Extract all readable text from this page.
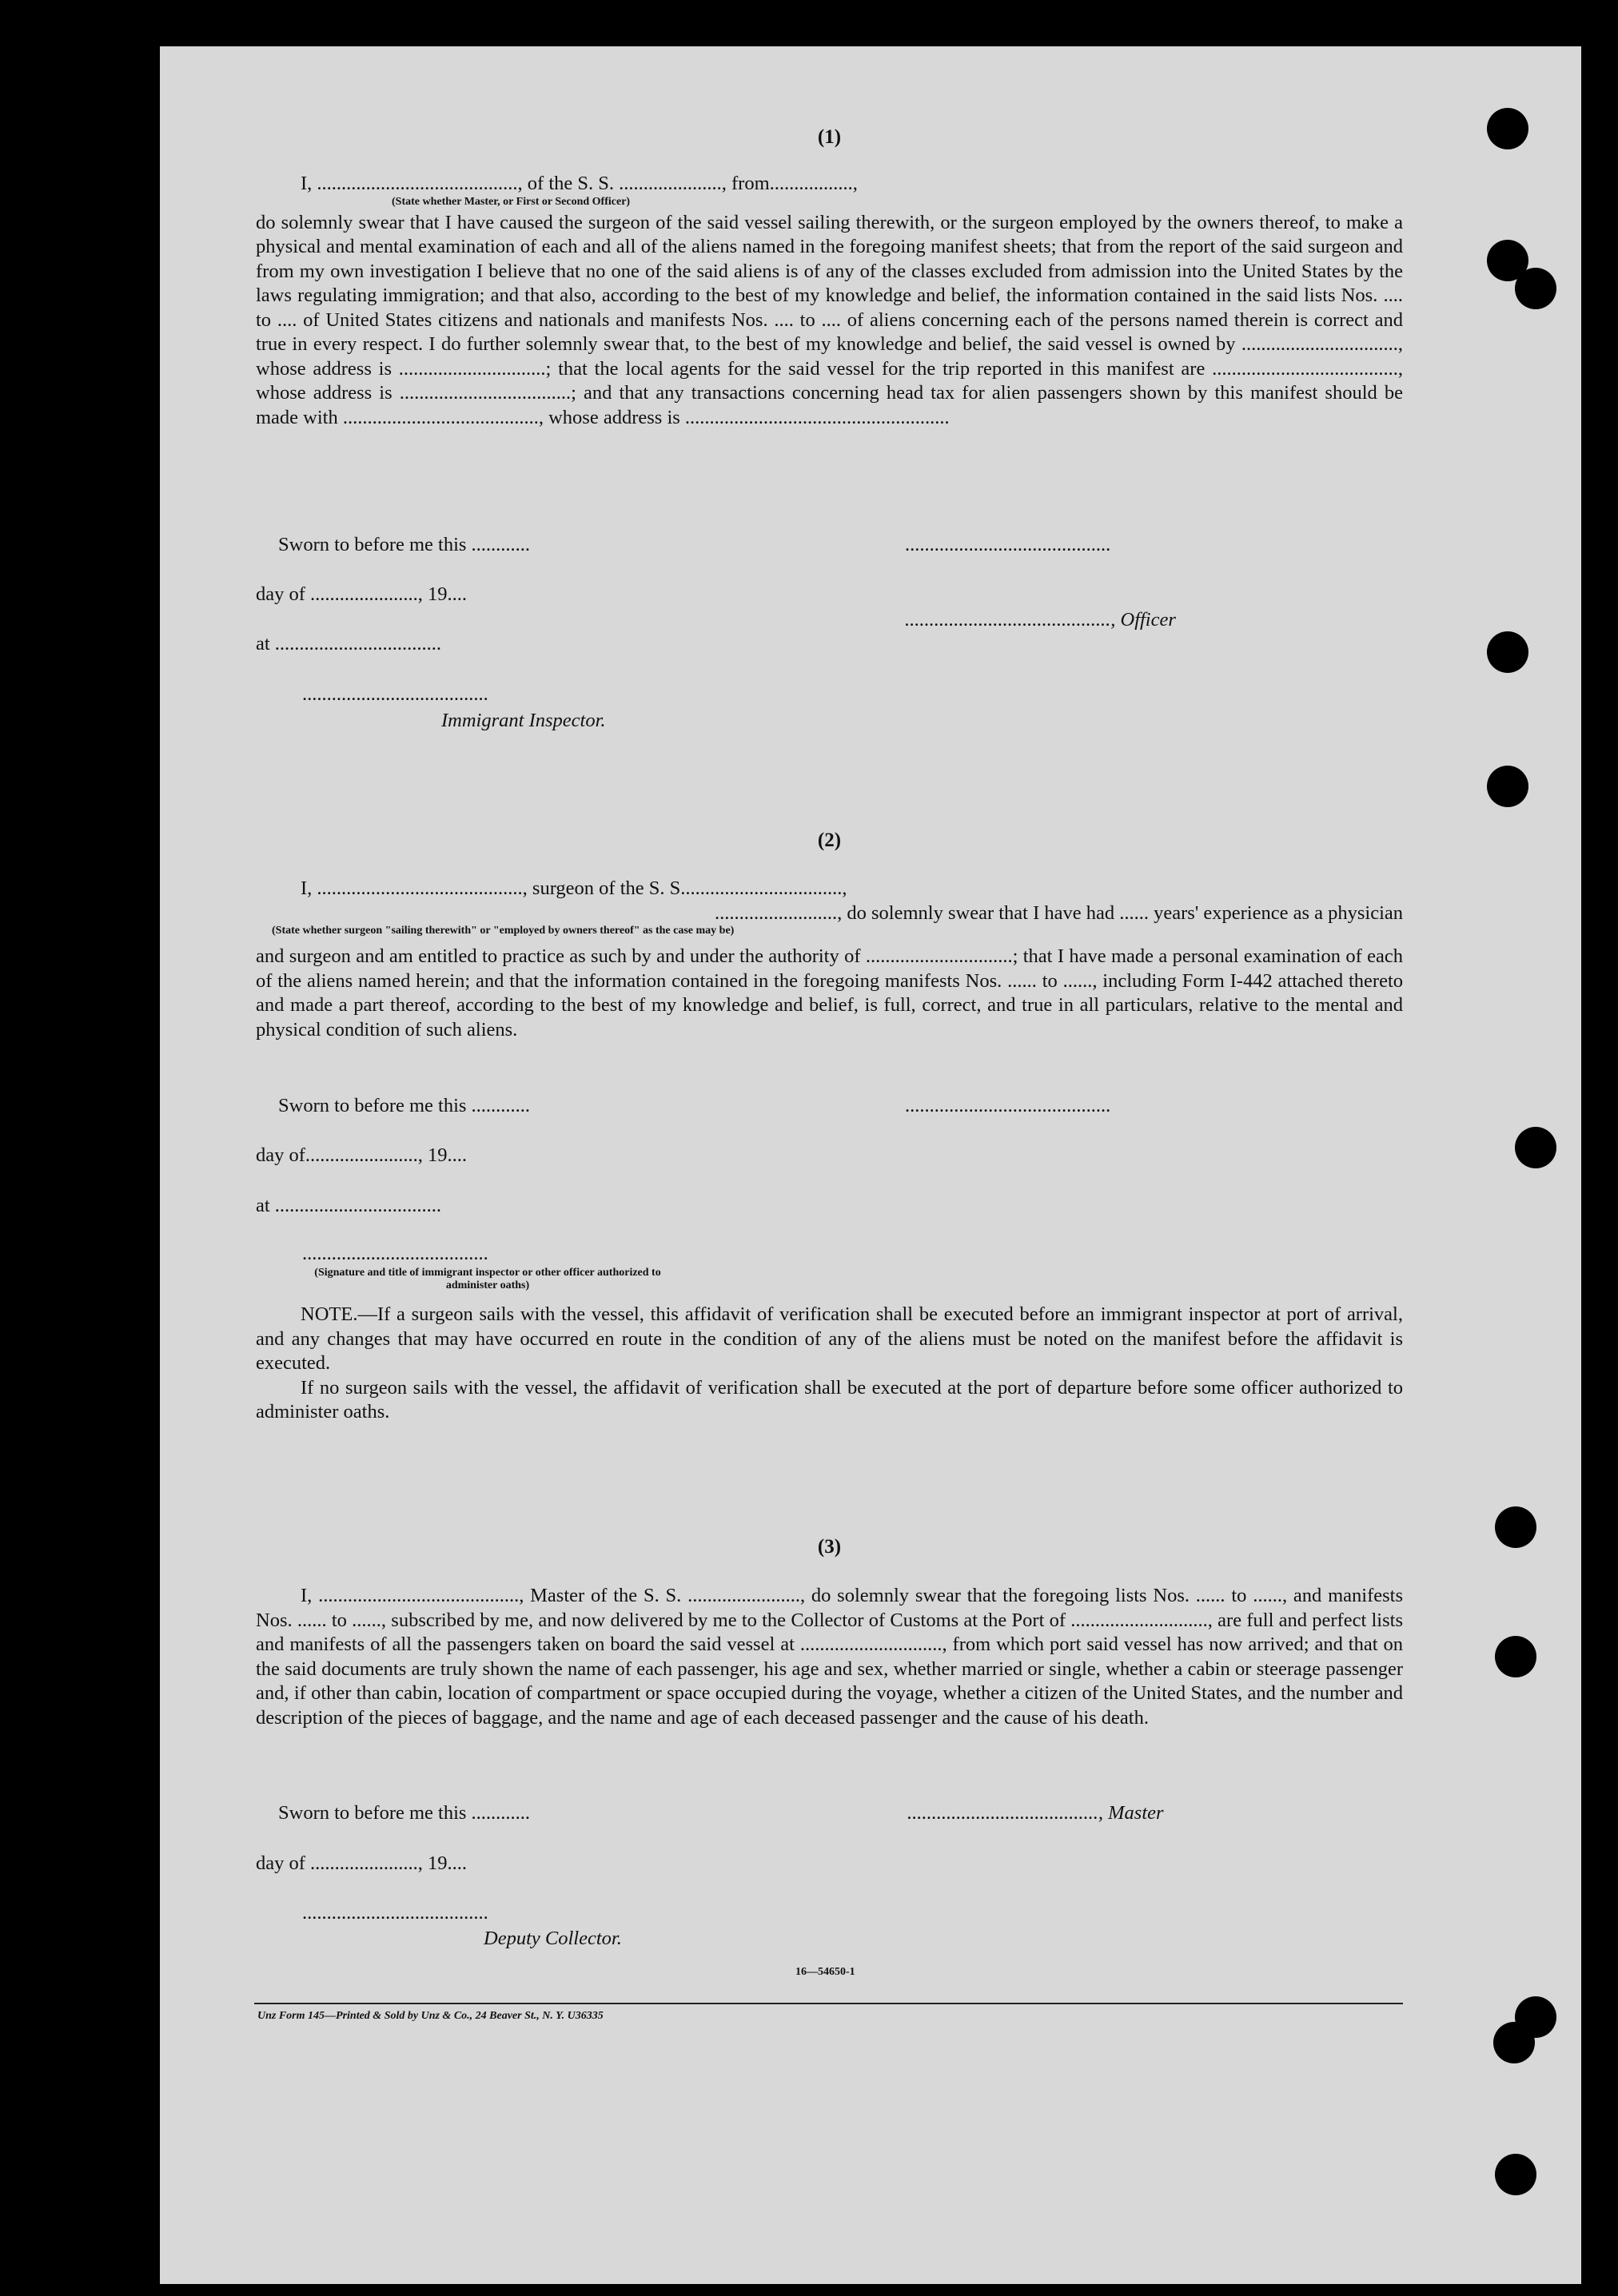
(1)
I, ........................................., of the S. S. ....................., from.................,
(State whether Master, or First or Second Officer)
do solemnly swear that I have caused the surgeon of the said vessel sailing therewith, or the surgeon employed by the owners thereof, to make a physical and mental examination of each and all of the aliens named in the foregoing manifest sheets; that from the report of the said surgeon and from my own investigation I believe that no one of the said aliens is of any of the classes excluded from admission into the United States by the laws regulating immigration; and that also, according to the best of my knowledge and belief, the information contained in the said lists Nos. .... to .... of United States citizens and nationals and manifests Nos. .... to .... of aliens concerning each of the persons named therein is correct and true in every respect. I do further solemnly swear that, to the best of my knowledge and belief, the said vessel is owned by ................................, whose address is ..............................; that the local agents for the said vessel for the trip reported in this manifest are ......................................, whose address is ...................................; and that any transactions concerning head tax for alien passengers shown by this manifest should be made with ........................................, whose address is ......................................................
Sworn to before me this ............	..........................................
day of ......................, 19....
.........................................., Officer
at ..................................
......................................
Immigrant Inspector.
(2)
I, .........................................., surgeon of the S. S.................................,
........................., do solemnly swear that I have had ...... years' experience as a physician
(State whether surgeon "sailing therewith" or "employed by owners thereof" as the case may be)
and surgeon and am entitled to practice as such by and under the authority of ..............................; that I have made a personal examination of each of the aliens named herein; and that the information contained in the foregoing manifests Nos. ...... to ......, including Form I-442 attached thereto and made a part thereof, according to the best of my knowledge and belief, is full, correct, and true in all particulars, relative to the mental and physical condition of such aliens.
Sworn to before me this ............	..........................................
day of......................., 19....
at ..................................
......................................
(Signature and title of immigrant inspector or other officer authorized to administer oaths)
NOTE.—If a surgeon sails with the vessel, this affidavit of verification shall be executed before an immigrant inspector at port of arrival, and any changes that may have occurred en route in the condition of any of the aliens must be noted on the manifest before the affidavit is executed.
If no surgeon sails with the vessel, the affidavit of verification shall be executed at the port of departure before some officer authorized to administer oaths.
(3)
I, ........................................., Master of the S. S. ......................., do solemnly swear that the foregoing lists Nos. ...... to ......, and manifests Nos. ...... to ......, subscribed by me, and now delivered by me to the Collector of Customs at the Port of ............................, are full and perfect lists and manifests of all the passengers taken on board the said vessel at ............................., from which port said vessel has now arrived; and that on the said documents are truly shown the name of each passenger, his age and sex, whether married or single, whether a cabin or steerage passenger and, if other than cabin, location of compartment or space occupied during the voyage, whether a citizen of the United States, and the number and description of the pieces of baggage, and the name and age of each deceased passenger and the cause of his death.
Sworn to before me this ............	......................................., Master
day of ......................, 19....
......................................
Deputy Collector.
16—54650-1
Unz Form 145—Printed & Sold by Unz & Co., 24 Beaver St., N. Y. U36335
